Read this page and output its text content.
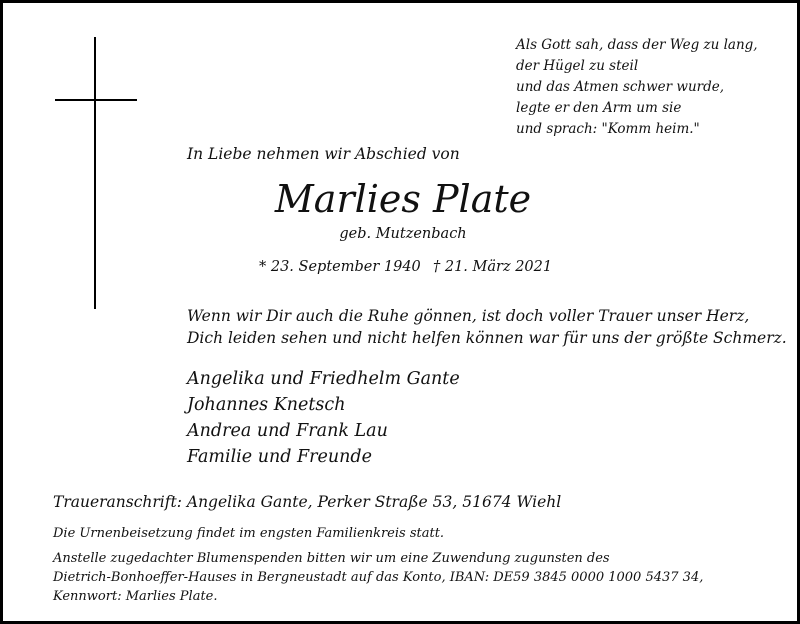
Als Gott sah, dass der Weg zu lang,
der Hügel zu steil
und das Atmen schwer wurde,
legte er den Arm um sie
und sprach: "Komm heim."
In Liebe nehmen wir Abschied von
Marlies Plate
geb. Mutzenbach
* 23. September 1940 † 21. März 2021
Wenn wir Dir auch die Ruhe gönnen, ist doch voller Trauer unser Herz,
Dich leiden sehen und nicht helfen können war für uns der größte Schmerz.
Angelika und Friedhelm Gante
Johannes Knetsch
Andrea und Frank Lau
Familie und Freunde
Traueranschrift: Angelika Gante, Perker Straße 53, 51674 Wiehl
Die Urnenbeisetzung findet im engsten Familienkreis statt.
Anstelle zugedachter Blumenspenden bitten wir um eine Zuwendung zugunsten des
Dietrich-Bonhoeffer-Hauses in Bergneustadt auf das Konto, IBAN: DE59 3845 0000 1000 5437 34,
Kennwort: Marlies Plate.
